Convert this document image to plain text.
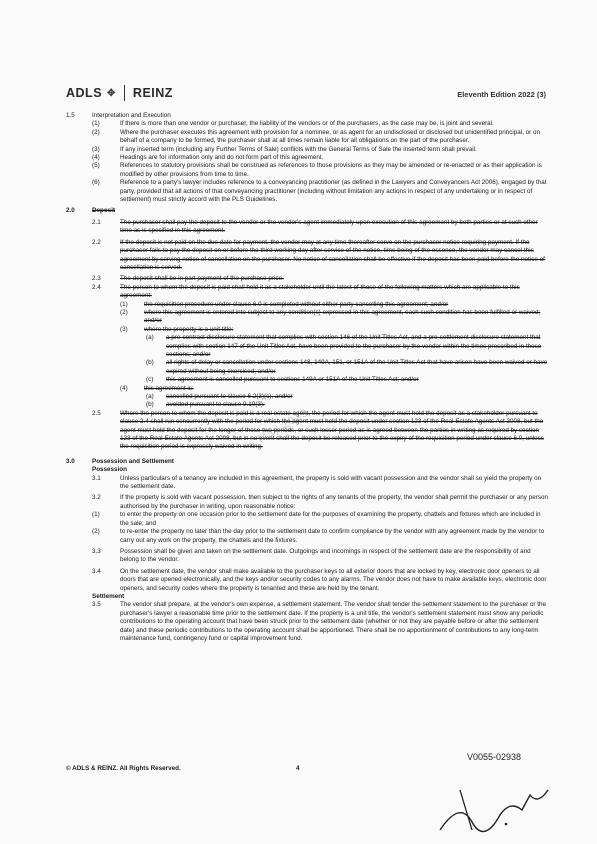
ADLS ✥ REINZ	Eleventh Edition 2022 (3)
1.5	Interpretation and Execution
(1)	If there is more than one vendor or purchaser, the liability of the vendors or of the purchasers, as the case may be, is joint and several.
(2)	Where the purchaser executes this agreement with provision for a nominee, or as agent for an undisclosed or disclosed but unidentified principal, or on behalf of a company to be formed, the purchaser shall at all times remain liable for all obligations on the part of the purchaser.
(3)	If any inserted term (including any Further Terms of Sale) conflicts with the General Terms of Sale the inserted term shall prevail.
(4)	Headings are for information only and do not form part of this agreement.
(5)	References to statutory provisions shall be construed as references to those provisions as they may be amended or re-enacted or as their application is modified by other provisions from time to time.
(6)	Reference to a party's lawyer includes reference to a conveyancing practitioner (as defined in the Lawyers and Conveyancers Act 2006), engaged by that party, provided that all actions of that conveyancing practitioner (including without limitation any actions in respect of any undertaking or in respect of settlement) must strictly accord with the PLS Guidelines.
2.0	Deposit
2.1	The purchaser shall pay the deposit to the vendor or the vendor's agent immediately upon execution of this agreement by both parties or at such other time as is specified in this agreement.
2.2	If the deposit is not paid on the due date for payment, the vendor may at any time thereafter serve on the purchaser notice requiring payment. If the purchaser fails to pay the deposit on or before the third working day after service of the notice, time being of the essence, the vendor may cancel this agreement by serving notice of cancellation on the purchaser. No notice of cancellation shall be effective if the deposit has been paid before the notice of cancellation is served.
2.3	The deposit shall be in part payment of the purchase price.
2.4	The person to whom the deposit is paid shall hold it as a stakeholder until the latest of those of the following matters which are applicable to this agreement:
(1)	the requisition procedure under clause 6.0 is completed without either party cancelling this agreement; and/or
(2)	where this agreement is entered into subject to any condition(s) expressed in this agreement, each such condition has been fulfilled or waived; and/or
(3)	where the property is a unit title:
(a) a pre-contract disclosure statement that complies with section 146 of the Unit Titles Act, and a pre-settlement disclosure statement that complies with section 147 of the Unit Titles Act, have been provided to the purchaser by the vendor within the times prescribed in those sections; and/or
(b) all rights of delay or cancellation under sections 148, 149A, 151, or 151A of the Unit Titles Act that have arisen have been waived or have expired without being exercised; and/or
(c) this agreement is cancelled pursuant to sections 149A or 151A of the Unit Titles Act; and/or
(4)	this agreement is:
(a) cancelled pursuant to clause 6.2(3)(c); and/or
(b) avoided pursuant to clause 9.10(3).
2.5	Where the person to whom the deposit is paid is a real estate agent, the period for which the agent must hold the deposit as a stakeholder pursuant to clause 2.4 shall run concurrently with the period for which the agent must hold the deposit under section 123 of the Real Estate Agents Act 2008, but the agent must hold the deposit for the longer of those two periods, or such lesser period as is agreed between the parties in writing as required by section 123 of the Real Estate Agents Act 2008, but in no event shall the deposit be released prior to the expiry of the requisition period under clause 6.0, unless the requisition period is expressly waived in writing.
3.0	Possession and Settlement
Possession
3.1	Unless particulars of a tenancy are included in this agreement, the property is sold with vacant possession and the vendor shall so yield the property on the settlement date.
3.2	If the property is sold with vacant possession, then subject to the rights of any tenants of the property, the vendor shall permit the purchaser or any person authorised by the purchaser in writing, upon reasonable notice:
(1)	to enter the property on one occasion prior to the settlement date for the purposes of examining the property, chattels and fixtures which are included in the sale; and
(2)	to re-enter the property no later than the day prior to the settlement date to confirm compliance by the vendor with any agreement made by the vendor to carry out any work on the property, the chattels and the fixtures.
3.3	Possession shall be given and taken on the settlement date. Outgoings and incomings in respect of the settlement date are the responsibility of and belong to the vendor.
3.4	On the settlement date, the vendor shall make available to the purchaser keys to all exterior doors that are locked by key, electronic door openers to all doors that are opened electronically, and the keys and/or security codes to any alarms. The vendor does not have to make available keys, electronic door openers, and security codes where the property is tenanted and these are held by the tenant.
Settlement
3.5	The vendor shall prepare, at the vendor's own expense, a settlement statement. The vendor shall tender the settlement statement to the purchaser or the purchaser's lawyer a reasonable time prior to the settlement date. If the property is a unit title, the vendor's settlement statement must show any periodic contributions to the operating account that have been struck prior to the settlement date (whether or not they are payable before or after the settlement date) and these periodic contributions to the operating account shall be apportioned. There shall be no apportionment of contributions to any long-term maintenance fund, contingency fund or capital improvement fund.
May 2023
© ADLS & REINZ. All Rights Reserved.	4
V0055-02938
